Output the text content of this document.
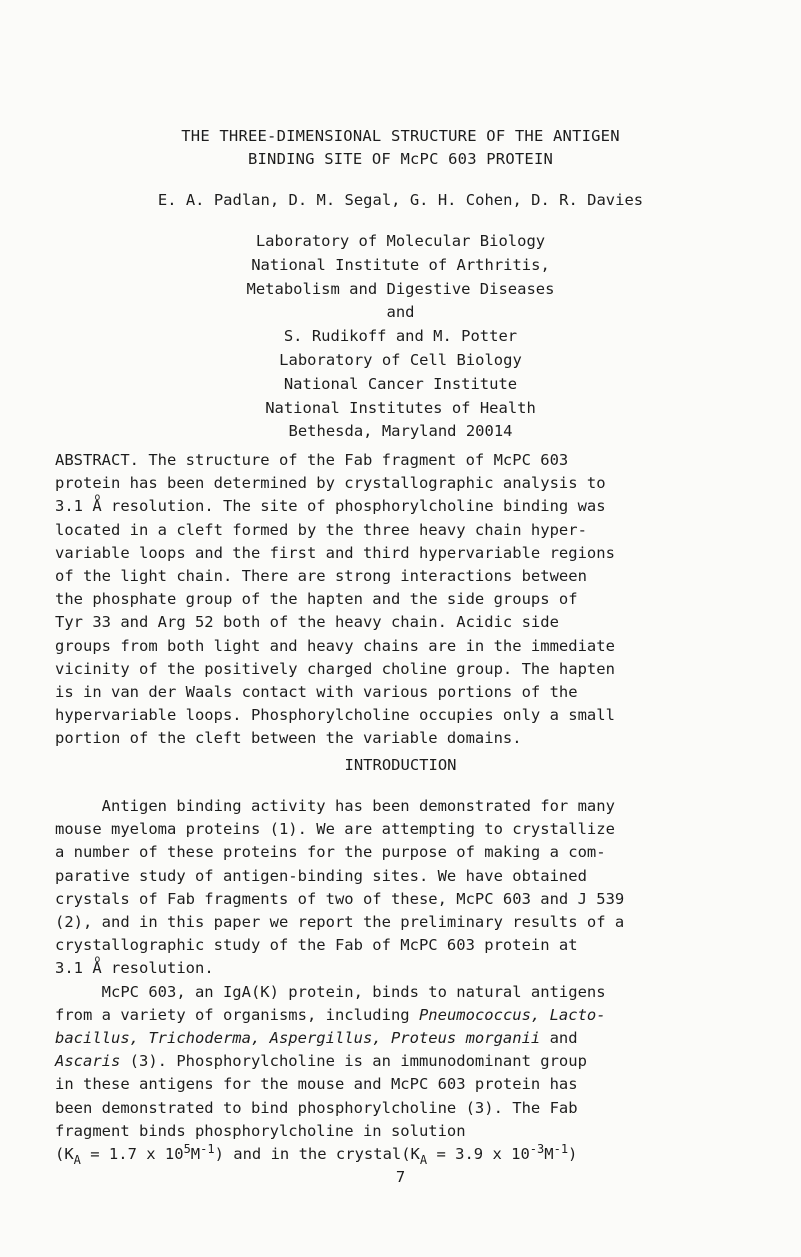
THE THREE-DIMENSIONAL STRUCTURE OF THE ANTIGEN
BINDING SITE OF McPC 603 PROTEIN
E. A. Padlan, D. M. Segal, G. H. Cohen, D. R. Davies
Laboratory of Molecular Biology
National Institute of Arthritis,
Metabolism and Digestive Diseases
and
S. Rudikoff and M. Potter
Laboratory of Cell Biology
National Cancer Institute
National Institutes of Health
Bethesda, Maryland 20014
ABSTRACT. The structure of the Fab fragment of McPC 603
protein has been determined by crystallographic analysis to
3.1 o A resolution. The site of phosphorylcholine binding was
located in a cleft formed by the three heavy chain hyper-
variable loops and the first and third hypervariable regions
of the light chain. There are strong interactions between
the phosphate group of the hapten and the side groups of
Tyr 33 and Arg 52 both of the heavy chain. Acidic side
groups from both light and heavy chains are in the immediate
vicinity of the positively charged choline group. The hapten
is in van der Waals contact with various portions of the
hypervariable loops. Phosphorylcholine occupies only a small
portion of the cleft between the variable domains.
INTRODUCTION
Antigen binding activity has been demonstrated for many
mouse myeloma proteins (1). We are attempting to crystallize
a number of these proteins for the purpose of making a com-
parative study of antigen-binding sites. We have obtained
crystals of Fab fragments of two of these, McPC 603 and J 539
(2), and in this paper we report the preliminary results of a
crystallographic study of the Fab of McPC 603 protein at
3.1 o A resolution.
McPC 603, an IgA(K) protein, binds to natural antigens
from a variety of organisms, including Pneumococcus, Lacto-
bacillus, Trichoderma, Aspergillus, Proteus morganii and
Ascaris (3). Phosphorylcholine is an immunodominant group
in these antigens for the mouse and McPC 603 protein has
been demonstrated to bind phosphorylcholine (3). The Fab
fragment binds phosphorylcholine in solution
($K_A = 1.7$ x $10^5M^{-1}$) and in the $crystal(K_A = 3.9$ x $10^{-3}M^{-1}$)
7
